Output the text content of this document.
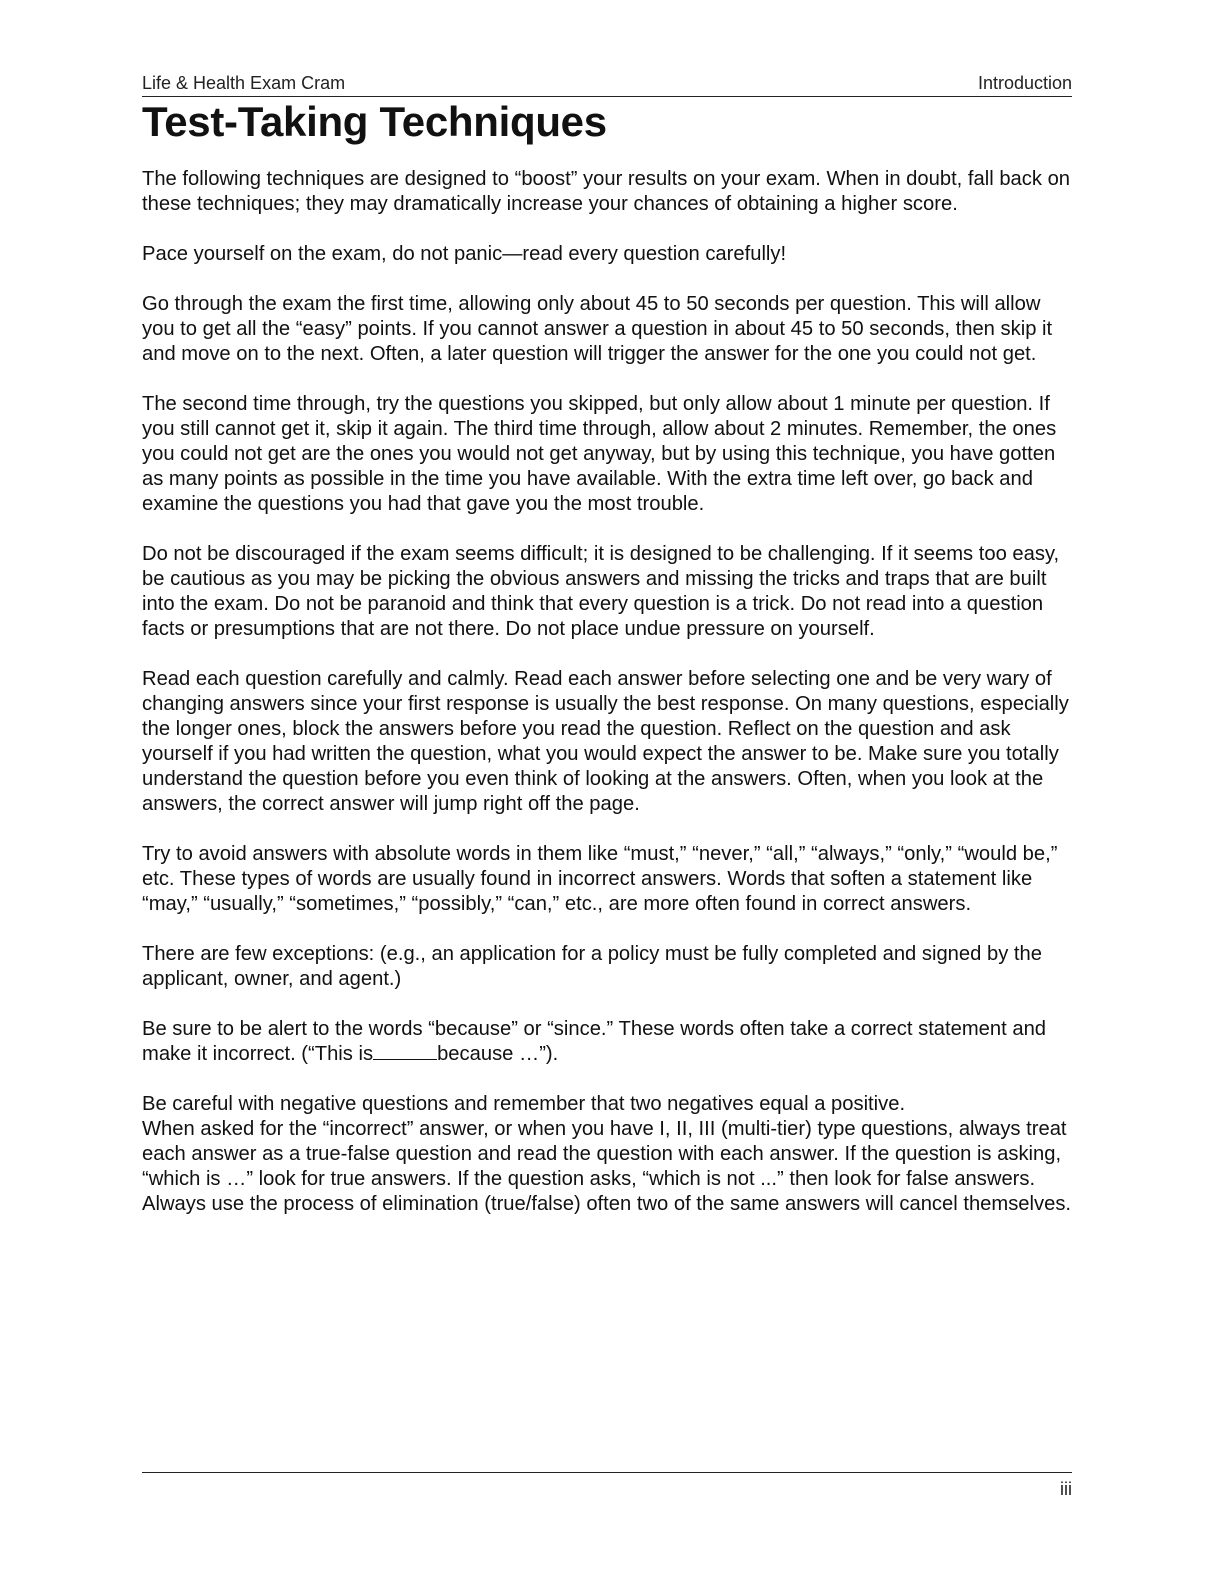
Life & Health Exam Cram	Introduction
Test-Taking Techniques

The following techniques are designed to “boost” your results on your exam. When in doubt, fall back on these techniques; they may dramatically increase your chances of obtaining a higher score.

Pace yourself on the exam, do not panic—read every question carefully!

Go through the exam the first time, allowing only about 45 to 50 seconds per question. This will allow you to get all the “easy” points. If you cannot answer a question in about 45 to 50 seconds, then skip it and move on to the next. Often, a later question will trigger the answer for the one you could not get.

The second time through, try the questions you skipped, but only allow about 1 minute per question. If you still cannot get it, skip it again. The third time through, allow about 2 minutes. Remember, the ones you could not get are the ones you would not get anyway, but by using this technique, you have gotten as many points as possible in the time you have available. With the extra time left over, go back and examine the questions you had that gave you the most trouble.

Do not be discouraged if the exam seems difficult; it is designed to be challenging. If it seems too easy, be cautious as you may be picking the obvious answers and missing the tricks and traps that are built into the exam. Do not be paranoid and think that every question is a trick. Do not read into a question facts or presumptions that are not there. Do not place undue pressure on yourself.

Read each question carefully and calmly. Read each answer before selecting one and be very wary of changing answers since your first response is usually the best response. On many questions, especially the longer ones, block the answers before you read the question. Reflect on the question and ask yourself if you had written the question, what you would expect the answer to be. Make sure you totally understand the question before you even think of looking at the answers. Often, when you look at the answers, the correct answer will jump right off the page.

Try to avoid answers with absolute words in them like “must,” “never,” “all,” “always,” “only,” “would be,” etc. These types of words are usually found in incorrect answers. Words that soften a statement like “may,” “usually,” “sometimes,” “possibly,” “can,” etc., are more often found in correct answers.

There are few exceptions: (e.g., an application for a policy must be fully completed and signed by the applicant, owner, and agent.)

Be sure to be alert to the words “because” or “since.” These words often take a correct statement and make it incorrect. (“This is	because …”).

Be careful with negative questions and remember that two negatives equal a positive.
When asked for the “incorrect” answer, or when you have I, II, III (multi-tier) type questions, always treat each answer as a true-false question and read the question with each answer. If the question is asking, “which is …” look for true answers. If the question asks, “which is not ...” then look for false answers. Always use the process of elimination (true/false) often two of the same answers will cancel themselves.

iii
